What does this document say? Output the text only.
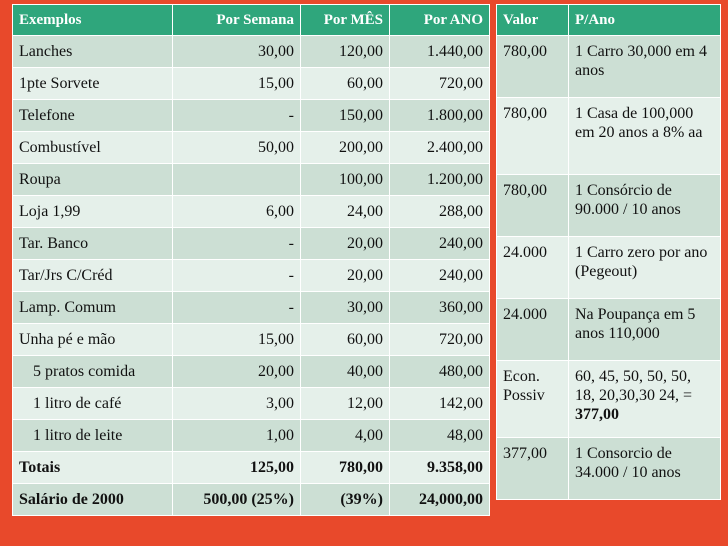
Exemplos	Por Semana	Por MÊS	Por ANO
Lanches	30,00	120,00	1.440,00
1pte Sorvete	15,00	60,00	720,00
Telefone	-	150,00	1.800,00
Combustível	50,00	200,00	2.400,00
Roupa		100,00	1.200,00
Loja 1,99	6,00	24,00	288,00
Tar. Banco	-	20,00	240,00
Tar/Jrs C/Créd	-	20,00	240,00
Lamp. Comum	-	30,00	360,00
Unha pé e mão	15,00	60,00	720,00
5 pratos comida	20,00	40,00	480,00
1 litro de café	3,00	12,00	142,00
1 litro de leite	1,00	4,00	48,00
Totais	125,00	780,00	9.358,00
Salário de 2000	500,00 (25%)	(39%)	24,000,00
Valor	P/Ano
780,00	1 Carro 30,000 em 4 anos
780,00	1 Casa de 100,000 em 20 anos a 8% aa
780,00	1 Consórcio de 90.000 / 10 anos
24.000	1 Carro zero por ano (Pegeout)
24.000	Na Poupança em 5 anos 110,000
Econ. Possiv	60, 45, 50, 50, 50, 18, 20,30,30 24, = 377,00
377,00	1 Consorcio de 34.000 / 10 anos
